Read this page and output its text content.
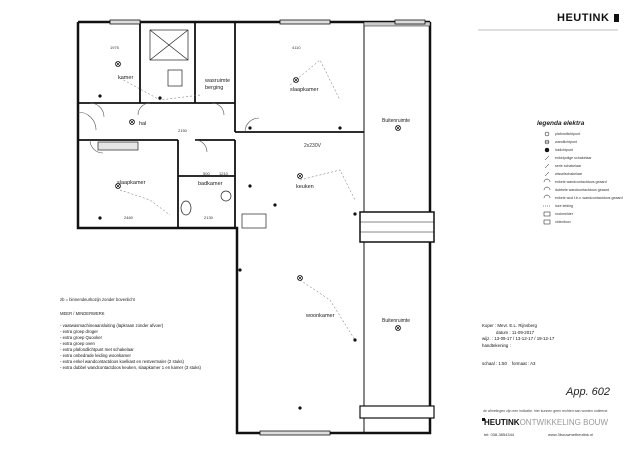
HEUTINK
kamer	wasruimte
berging	slaapkamer
hal
slaapkamer	badkamer	keuken
woonkamer
Buitenruimte
Buitenruimte
1975	4110
2150
2x230V
2460	2130
1210
500
legenda elektra
plafondlichtpunt
wandlichtpunt
loslichtpunt
enkelpolige schakelaar
serie schakelaar
wisselschakelaar
enkele wandcontactdoos geaard
dubbele wandcontactdoos geaard
enkele wcd t.b.v. wandcontactdoos geaard
loze leiding
rookmelder
videofoon
zb = binnendeurkozijn zonder bovenlicht
MEER / MINDERWERK
- vaatwasmachineaansluiting (lapkraan zonder afvoer)
- extra groep droger
- extra groep Quooker
- extra groep oven
- extra plafondlichtpunt met schakelaar
- extra onbedrade leiding woonkamer
- extra enkel wandcontactdoos koelkast en restvermaler (2 stuks)
- extra dubbel wandcontactdoos keuken, slaapkamer 1 en kamer (3 stuks)
Koper : Mevr. E.L. Rijnsberg
datum : 11-09-2017
wijz. : 13-09-17 / 13-12-17 / 19-12-17
handtekening :
schaal : 1:50 formaat : A3
App. 602
de afmetingen zijn een indicatie, hier kunnen geen rechten aan worden ontleend
HEUTINKONTWIKKELING BOUW
tel: 038-3854344	www.3bouwmetheutink.nl
